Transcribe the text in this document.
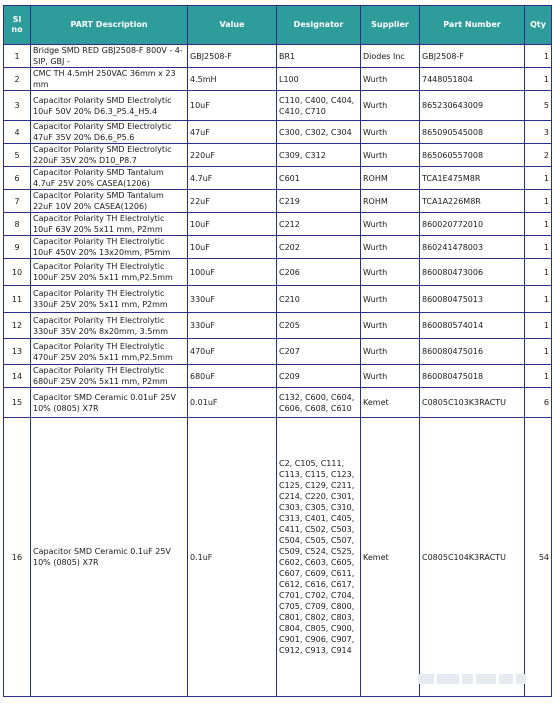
Sl no	PART Description	Value	Designator	Supplier	Part Number	Qty
1	Bridge SMD RED GBJ2508-F 800V - 4-SIP, GBJ -	GBJ2508-F	BR1	Diodes Inc	GBJ2508-F	1
2	CMC TH 4.5mH 250VAC 36mm x 23 mm	4.5mH	L100	Wurth	7448051804	1
3	Capacitor Polarity SMD Electrolytic 10uF 50V 20% D6.3_P5.4_H5.4	10uF	C110, C400, C404, C410, C710	Wurth	865230643009	5
4	Capacitor Polarity SMD Electrolytic 47uF 35V 20% D6.6_P5.6	47uF	C300, C302, C304	Wurth	865090545008	3
5	Capacitor Polarity SMD Electrolytic 220uF 35V 20% D10_P8.7	220uF	C309, C312	Wurth	865060557008	2
6	Capacitor Polarity SMD Tantalum 4.7uF 25V 20% CASEA(1206)	4.7uF	C601	ROHM	TCA1E475M8R	1
7	Capacitor Polarity SMD Tantalum 22uF 10V 20% CASEA(1206)	22uF	C219	ROHM	TCA1A226M8R	1
8	Capacitor Polarity TH Electrolytic 10uF 63V 20% 5x11 mm, P2mm	10uF	C212	Wurth	860020772010	1
9	Capacitor Polarity TH Electrolytic 10uF 450V 20% 13x20mm, P5mm	10uF	C202	Wurth	860241478003	1
10	Capacitor Polarity TH Electrolytic 100uF 25V 20% 5x11 mm,P2.5mm	100uF	C206	Wurth	860080473006	1
11	Capacitor Polarity TH Electrolytic 330uF 25V 20% 5x11 mm, P2mm	330uF	C210	Wurth	860080475013	1
12	Capacitor Polarity TH Electrolytic 330uF 35V 20% 8x20mm, 3.5mm	330uF	C205	Wurth	860080574014	1
13	Capacitor Polarity TH Electrolytic 470uF 25V 20% 5x11 mm,P2.5mm	470uF	C207	Wurth	860080475016	1
14	Capacitor Polarity TH Electrolytic 680uF 25V 20% 5x11 mm, P2mm	680uF	C209	Wurth	860080475018	1
15	Capacitor SMD Ceramic 0.01uF 25V 10% (0805) X7R	0.01uF	C132, C600, C604, C606, C608, C610	Kemet	C0805C103K3RACTU	6
16	Capacitor SMD Ceramic 0.1uF 25V 10% (0805) X7R	0.1uF	C2, C105, C111, C113, C115, C123, C125, C129, C211, C214, C220, C301, C303, C305, C310, C313, C401, C405, C411, C502, C503, C504, C505, C507, C509, C524, C525, C602, C603, C605, C607, C609, C611, C612, C616, C617, C701, C702, C704, C705, C709, C800, C801, C802, C803, C804, C805, C900, C901, C906, C907, C912, C913, C914	Kemet	C0805C104K3RACTU	54
